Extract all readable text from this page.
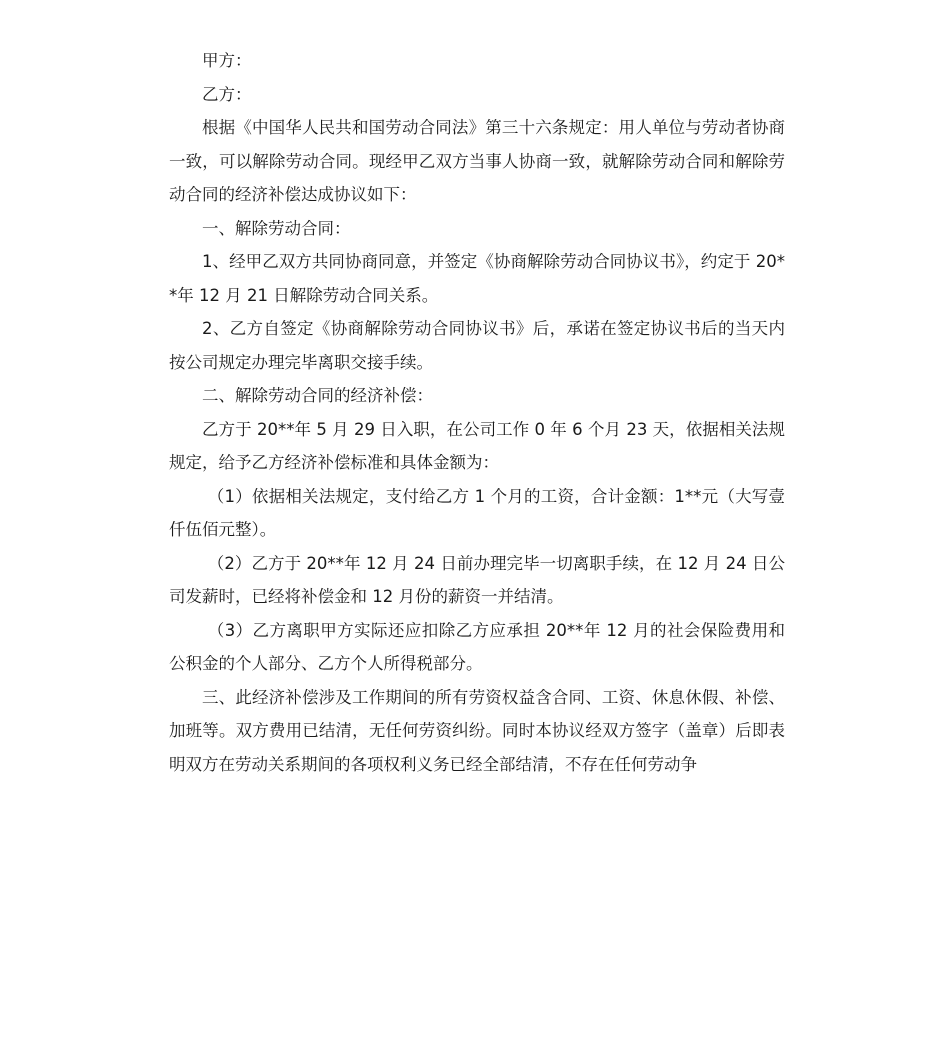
甲方：

乙方：

根据《中国华人民共和国劳动合同法》第三十六条规定：用人单位与劳动者协商一致，可以解除劳动合同。现经甲乙双方当事人协商一致，就解除劳动合同和解除劳动合同的经济补偿达成协议如下：

一、解除劳动合同：

1、经甲乙双方共同协商同意，并签定《协商解除劳动合同协议书》，约定于 20**年 12 月 21 日解除劳动合同关系。

2、乙方自签定《协商解除劳动合同协议书》后，承诺在签定协议书后的当天内按公司规定办理完毕离职交接手续。

二、解除劳动合同的经济补偿：

乙方于 20**年 5 月 29 日入职，在公司工作 0 年 6 个月 23 天，依据相关法规规定，给予乙方经济补偿标准和具体金额为：

（1）依据相关法规定，支付给乙方 1 个月的工资，合计金额：1**元（大写壹仟伍佰元整）。

（2）乙方于 20**年 12 月 24 日前办理完毕一切离职手续，在 12 月 24 日公司发薪时，已经将补偿金和 12 月份的薪资一并结清。

（3）乙方离职甲方实际还应扣除乙方应承担 20**年 12 月的社会保险费用和公积金的个人部分、乙方个人所得税部分。

三、此经济补偿涉及工作期间的所有劳资权益含合同、工资、休息休假、补偿、加班等。双方费用已结清，无任何劳资纠纷。同时本协议经双方签字（盖章）后即表明双方在劳动关系期间的各项权利义务已经全部结清，不存在任何劳动争
